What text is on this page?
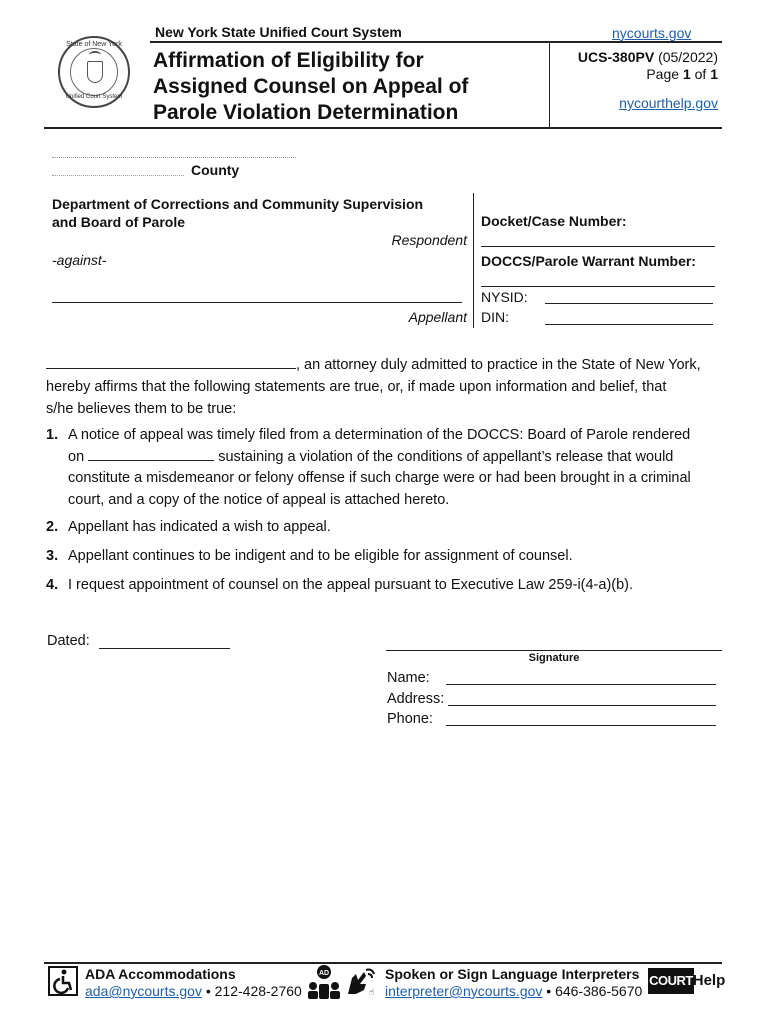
State of New York
Unified Court System
New York State Unified Court System	nycourts.gov
Affirmation of Eligibility for
Assigned Counsel on Appeal of
Parole Violation Determination
UCS-380PV (05/2022)
Page 1 of 1
nycourthelp.gov
County
Department of Corrections and Community Supervision
and Board of Parole
Respondent
-against-
Appellant
Docket/Case Number:
DOCCS/Parole Warrant Number:
NYSID:
DIN:
, an attorney duly admitted to practice in the State of New York,
hereby affirms that the following statements are true, or, if made upon information and belief, that
s/he believes them to be true:
1. A notice of appeal was timely filed from a determination of the DOCCS: Board of Parole rendered
on	sustaining a violation of the conditions of appellant’s release that would
constitute a misdemeanor or felony offense if such charge were or had been brought in a criminal
court, and a copy of the notice of appeal is attached hereto.
2. Appellant has indicated a wish to appeal.
3. Appellant continues to be indigent and to be eligible for assignment of counsel.
4. I request appointment of counsel on the appeal pursuant to Executive Law 259-i(4-a)(b).
Dated:
Signature
Name:
Address:
Phone:
ADA Accommodations
ada@nycourts.gov • 212-428-2760
AD
☝
Spoken or Sign Language Interpreters
interpreter@nycourts.gov • 646-386-5670
COURT Help
